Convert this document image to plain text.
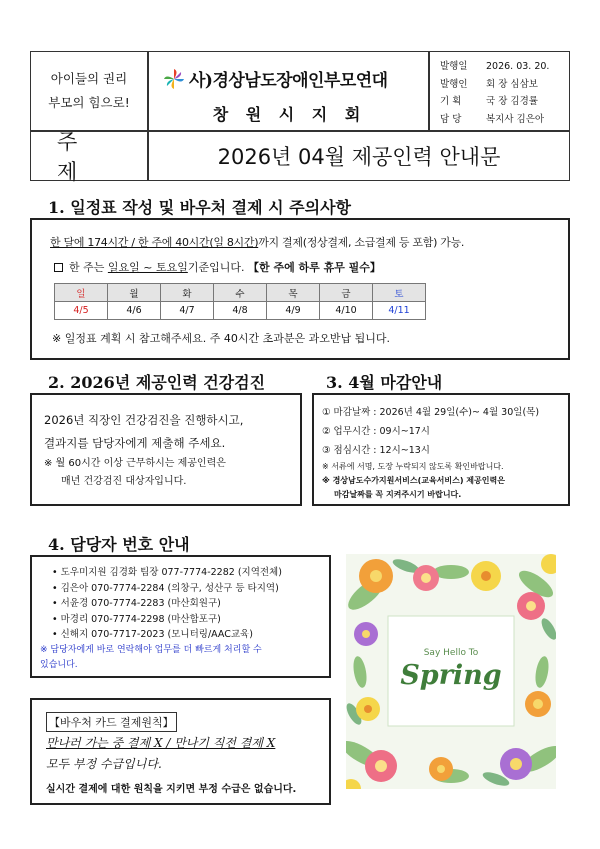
아이들의 권리
부모의 힘으로!
사)경상남도장애인부모연대
창 원 시 지 회
발행일	2026. 03. 20.
발행인	회 장 심삼보
기 획	국 장 김경률
담 당	복지사 김은아
주제
2026년 04월 제공인력 안내문
1. 일정표 작성 및 바우처 결제 시 주의사항
한 달에 174시간 / 한 주에 40시간(일 8시간)까지 결제(정상결제, 소급결제 등 포함) 가능.
한 주는
일요일 ~ 토요일 기준입니다.
【한 주에 하루 휴무 필수】
일	월	화	수	목	금	토
4/5	4/6	4/7	4/8	4/9	4/10	4/11
※ 일정표 계획 시 참고해주세요. 주 40시간 초과분은 과오반납 됩니다.
2. 2026년 제공인력 건강검진
2026년 직장인 건강검진을 진행하시고,
결과지를 담당자에게 제출해 주세요.
※ 월 60시간 이상 근무하시는 제공인력은
매년 건강검진 대상자입니다.
3. 4월 마감안내
① 마감날짜 : 2026년 4월 29일(수)~ 4월 30일(목)
② 업무시간 : 09시~17시
③ 점심시간 : 12시~13시
※ 서류에 서명, 도장 누락되지 않도록 확인바랍니다.
※ 경상남도수가지원서비스(교육서비스) 제공인력은
마감날짜를 꼭 지켜주시기 바랍니다.
4. 담당자 번호 안내
• 도우미지원 김경화 팀장 077-7774-2282 (지역전체)
• 김은아 070-7774-2284 (의창구, 성산구 등 타지역)
• 서윤경 070-7774-2283 (마산회원구)
• 마경리 070-7774-2298 (마산합포구)
• 신해지 070-7717-2023 (모니터링/AAC교육)
※ 담당자에게 바로 연락해야 업무를 더 빠르게 처리할 수
있습니다.
【바우처 카드 결제원칙】
만나러 가는 중 결제 X / 만나기 직전 결제 X
모두 부정 수급입니다.
실시간 결제에 대한 원칙을 지키면 부정 수급은 없습니다.
Say Hello To
Spring
